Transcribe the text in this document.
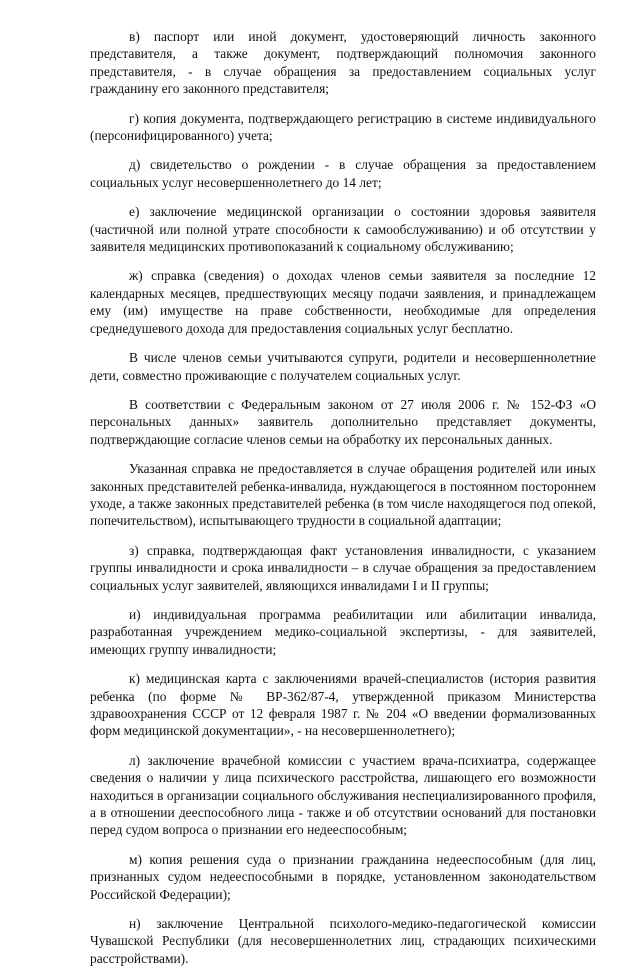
в) паспорт или иной документ, удостоверяющий личность законного представителя, а также документ, подтверждающий полномочия законного представителя, - в случае обращения за предоставлением социальных услуг гражданину его законного представителя;

г) копия документа, подтверждающего регистрацию в системе индивидуального (персонифицированного) учета;

д) свидетельство о рождении - в случае обращения за предоставлением социальных услуг несовершеннолетнего до 14 лет;

е) заключение медицинской организации о состоянии здоровья заявителя (частичной или полной утрате способности к самообслуживанию) и об отсутствии у заявителя медицинских противопоказаний к социальному обслуживанию;

ж) справка (сведения) о доходах членов семьи заявителя за последние 12 календарных месяцев, предшествующих месяцу подачи заявления, и принадлежащем ему (им) имуществе на праве собственности, необходимые для определения среднедушевого дохода для предоставления социальных услуг бесплатно.

В числе членов семьи учитываются супруги, родители и несовершеннолетние дети, совместно проживающие с получателем социальных услуг.

В соответствии с Федеральным законом от 27 июля 2006 г. № 152-ФЗ «О персональных данных» заявитель дополнительно представляет документы, подтверждающие согласие членов семьи на обработку их персональных данных.

Указанная справка не предоставляется в случае обращения родителей или иных законных представителей ребенка-инвалида, нуждающегося в постоянном постороннем уходе, а также законных представителей ребенка (в том числе находящегося под опекой, попечительством), испытывающего трудности в социальной адаптации;

з) справка, подтверждающая факт установления инвалидности, с указанием группы инвалидности и срока инвалидности – в случае обращения за предоставлением социальных услуг заявителей, являющихся инвалидами I и II группы;

и) индивидуальная программа реабилитации или абилитации инвалида, разработанная учреждением медико-социальной экспертизы, - для заявителей, имеющих группу инвалидности;

к) медицинская карта с заключениями врачей-специалистов (история развития ребенка (по форме № ВР-362/87-4, утвержденной приказом Министерства здравоохранения СССР от 12 февраля 1987 г. № 204 «О введении формализованных форм медицинской документации», - на несовершеннолетнего);

л) заключение врачебной комиссии с участием врача-психиатра, содержащее сведения о наличии у лица психического расстройства, лишающего его возможности находиться в организации социального обслуживания неспециализированного профиля, а в отношении дееспособного лица - также и об отсутствии оснований для постановки перед судом вопроса о признании его недееспособным;

м) копия решения суда о признании гражданина недееспособным (для лиц, признанных судом недееспособными в порядке, установленном законодательством Российской Федерации);

н) заключение Центральной психолого-медико-педагогической комиссии Чувашской Республики (для несовершеннолетних лиц, страдающих психическими расстройствами).
